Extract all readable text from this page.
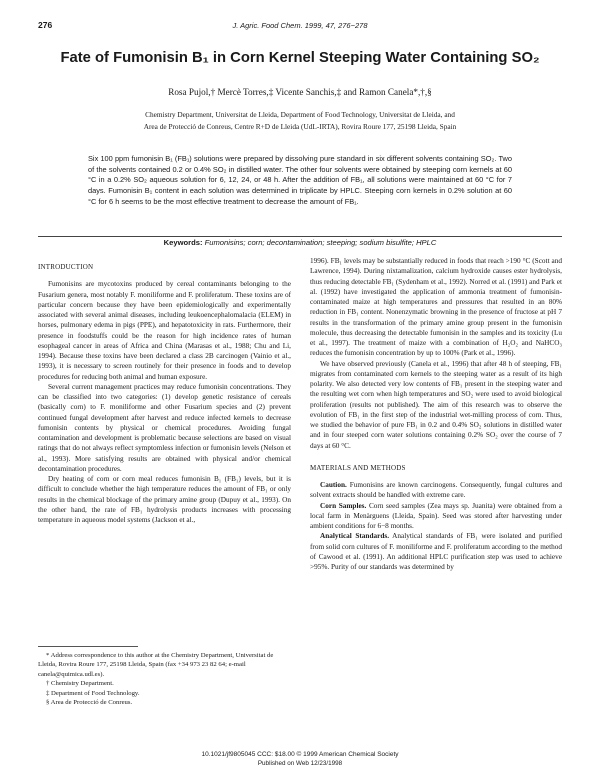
276	J. Agric. Food Chem. 1999, 47, 276−278
Fate of Fumonisin B₁ in Corn Kernel Steeping Water Containing SO₂
Rosa Pujol,† Mercè Torres,‡ Vicente Sanchis,‡ and Ramon Canela*,†,§
Chemistry Department, Universitat de Lleida, Department of Food Technology, Universitat de Lleida, and
Area de Protecció de Conreus, Centre R+D de Lleida (UdL-IRTA), Rovira Roure 177, 25198 Lleida, Spain
Six 100 ppm fumonisin B₁ (FB₁) solutions were prepared by dissolving pure standard in six different solvents containing SO₂. Two of the solvents contained 0.2 or 0.4% SO₂ in distilled water. The other four solvents were obtained by steeping corn kernels at 60 °C in a 0.2% SO₂ aqueous solution for 6, 12, 24, or 48 h. After the addition of FB₁, all solutions were maintained at 60 °C for 7 days. Fumonisin B₁ content in each solution was determined in triplicate by HPLC. Steeping corn kernels in 0.2% solution at 60 °C for 6 h seems to be the most effective treatment to decrease the amount of FB₁.
Keywords: Fumonisins; corn; decontamination; steeping; sodium bisulfite; HPLC
INTRODUCTION

Fumonisins are mycotoxins produced by cereal contaminants belonging to the Fusarium genera, most notably F. moniliforme and F. proliferatum. These toxins are of particular concern because they have been epidemiologically and experimentally associated with several animal diseases, including leukoencephalomalacia (ELEM) in horses, pulmonary edema in pigs (PPE), and hepatotoxicity in rats. Furthermore, their presence in foodstuffs could be the reason for high incidence rates of human esophageal cancer in areas of Africa and China (Marasas et al., 1988; Chu and Li, 1994). Because these toxins have been declared a class 2B carcinogen (Vainio et al., 1993), it is necessary to screen routinely for their presence in foods and to develop procedures for reducing both animal and human exposure.

Several current management practices may reduce fumonisin concentrations. They can be classified into two categories: (1) develop genetic resistance of cereals (basically corn) to F. moniliforme and other Fusarium species and (2) prevent continued fungal development after harvest and reduce infected kernels to decrease fumonisin contents by physical or chemical procedures. Avoiding fungal contamination and development is problematic because selections are based on visual ratings that do not always reflect symptomless infection or fumonisin levels (Nelson et al., 1993). More satisfying results are obtained with physical and/or chemical decontamination procedures.

Dry heating of corn or corn meal reduces fumonisin B₁ (FB₁) levels, but it is difficult to conclude whether the high temperature reduces the amount of FB₁ or only results in the chemical blockage of the primary amine group (Dupuy et al., 1993). On the other hand, the rate of FB₁ hydrolysis products increases with processing temperature in aqueous model systems (Jackson et al.,

1996). FB₁ levels may be substantially reduced in foods that reach >190 °C (Scott and Lawrence, 1994). During nixtamalization, calcium hydroxide causes ester hydrolysis, thus reducing detectable FB₁ (Sydenham et al., 1992). Norred et al. (1991) and Park et al. (1992) have investigated the application of ammonia treatment of fumonisin-contaminated maize at high temperatures and pressures that resulted in an 80% reduction in FB₁ content. Nonenzymatic browning in the presence of fructose at pH 7 results in the transformation of the primary amine group present in the fumonisin molecule, thus decreasing the detectable fumonisin in the samples and its toxicity (Lu et al., 1997). The treatment of maize with a combination of H₂O₂ and NaHCO₃ reduces the fumonisin concentration by up to 100% (Park et al., 1996).

We have observed previously (Canela et al., 1996) that after 48 h of steeping, FB₁ migrates from contaminated corn kernels to the steeping water as a result of its high polarity. We also detected very low contents of FB₁ present in the steeping water and the resulting wet corn when high temperatures and SO₂ were used to avoid biological proliferation (results not published). The aim of this research was to observe the evolution of FB₁ in the first step of the industrial wet-milling process of corn. Thus, we studied the behavior of pure FB₁ in 0.2 and 0.4% SO₂ solutions in distilled water and in four steeped corn water solutions containing 0.2% SO₂ over the course of 7 days at 60 °C.

MATERIALS AND METHODS

Caution. Fumonisins are known carcinogens. Consequently, fungal cultures and solvent extracts should be handled with extreme care.

Corn Samples. Corn seed samples (Zea mays sp. Juanita) were obtained from a local farm in Menàrguens (Lleida, Spain). Seed was stored after harvesting under ambient conditions for 6−8 months.

Analytical Standards. Analytical standards of FB₁ were isolated and purified from solid corn cultures of F. moniliforme and F. proliferatum according to the method of Cawood et al. (1991). An additional HPLC purification step was used to achieve >95%. Purity of our standards was determined by

* Address correspondence to this author at the Chemistry Department, Universitat de Lleida, Rovira Roure 177, 25198 Lleida, Spain (fax +34 973 23 82 64; e-mail canela@quimica.udl.es).

† Chemistry Department.

‡ Department of Food Technology.

§ Area de Protecció de Conreus.

10.1021/jf9805045 CCC: $18.00 © 1999 American Chemical Society
Published on Web 12/23/1998
